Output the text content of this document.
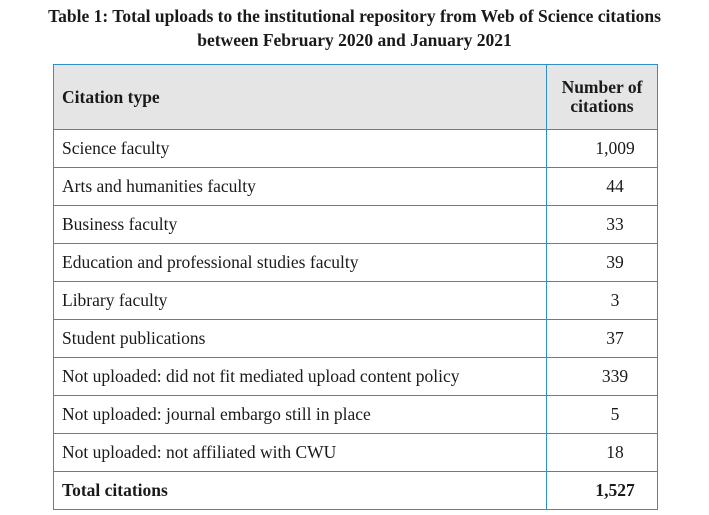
Table 1: Total uploads to the institutional repository from Web of Science citations
between February 2020 and January 2021
Citation type	Number of
citations
Science faculty	1,009
Arts and humanities faculty	44
Business faculty	33
Education and professional studies faculty	39
Library faculty	3
Student publications	37
Not uploaded: did not fit mediated upload content policy	339
Not uploaded: journal embargo still in place	5
Not uploaded: not affiliated with CWU	18
Total citations	1,527
